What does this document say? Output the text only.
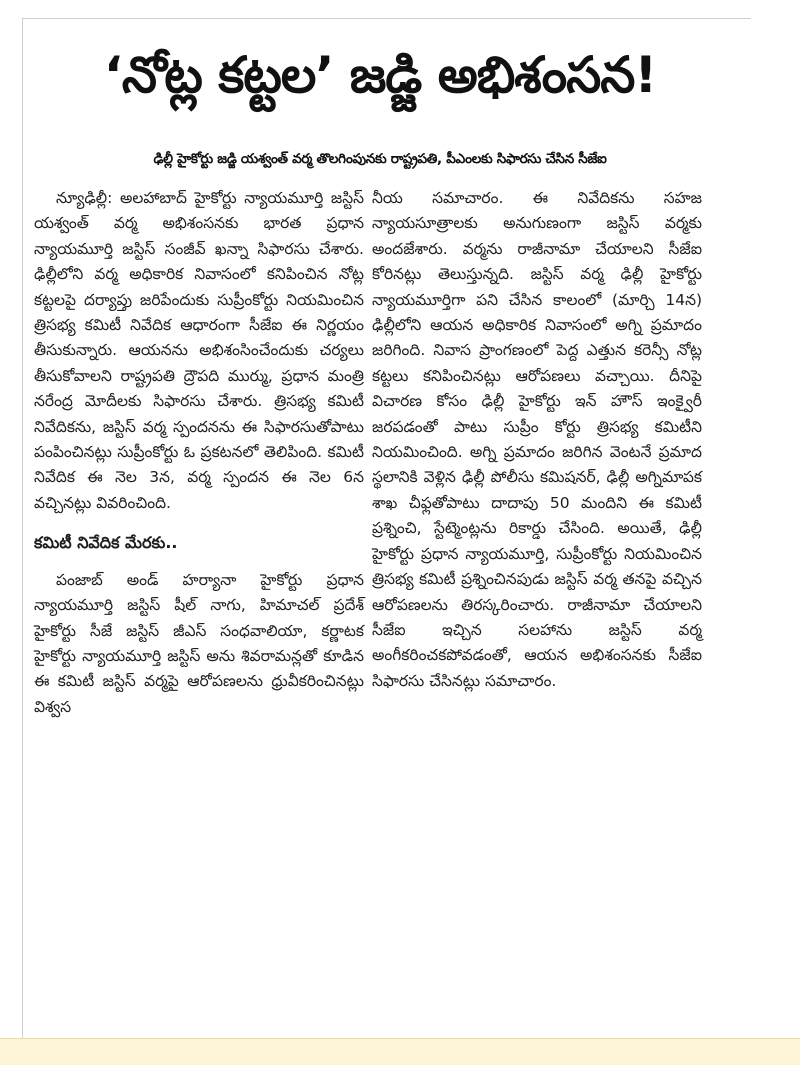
‘నోట్ల కట్టల’ జడ్జి అభిశంసన!
ఢిల్లీ హైకోర్టు జడ్జి యశ్వంత్ వర్మ తొలగింపునకు రాష్ట్రపతి, పీఎంలకు సిఫారసు చేసిన సీజేఐ

న్యూఢిల్లీ: అలహాబాద్ హైకోర్టు న్యాయమూర్తి జస్టిస్ యశ్వంత్ వర్మ అభిశంసనకు భారత ప్రధాన న్యాయమూర్తి జస్టిస్ సంజీవ్ ఖన్నా సిఫారసు చేశారు. ఢిల్లీలోని వర్మ అధికారిక నివాసంలో కనిపించిన నోట్ల కట్టలపై దర్యాప్తు జరిపేందుకు సుప్రీంకోర్టు నియమించిన త్రిసభ్య కమిటీ నివేదిక ఆధారంగా సీజేఐ ఈ నిర్ణయం తీసుకున్నారు. ఆయనను అభిశంసించేందుకు చర్యలు తీసుకోవాలని రాష్ట్రపతి ద్రౌపది ముర్ము, ప్రధాన మంత్రి నరేంద్ర మోదీలకు సిఫారసు చేశారు. త్రిసభ్య కమిటీ నివేదికను, జస్టిస్ వర్మ స్పందనను ఈ సిఫారసుతోపాటు పంపించినట్లు సుప్రీంకోర్టు ఓ ప్రకటనలో తెలిపింది. కమిటీ నివేదిక ఈ నెల 3న, వర్మ స్పందన ఈ నెల 6న వచ్చినట్లు వివరించింది.

కమిటీ నివేదిక మేరకు..

పంజాబ్ అండ్ హర్యానా హైకోర్టు ప్రధాన న్యాయమూర్తి జస్టిస్ షీల్ నాగు, హిమాచల్ ప్రదేశ్ హైకోర్టు సీజే జస్టిస్ జీఎస్ సంధవాలియా, కర్ణాటక హైకోర్టు న్యాయమూర్తి జస్టిస్ అను శివరామన్లతో కూడిన ఈ కమిటీ జస్టిస్ వర్మపై ఆరోపణలను ధ్రువీకరించినట్లు విశ్వస

నీయ సమాచారం. ఈ నివేదికను సహజ న్యాయసూత్రాలకు అనుగుణంగా జస్టిస్ వర్మకు అందజేశారు. వర్మను రాజీనామా చేయాలని సీజేఐ కోరినట్లు తెలుస్తున్నది. జస్టిస్ వర్మ ఢిల్లీ హైకోర్టు న్యాయమూర్తిగా పని చేసిన కాలంలో (మార్చి 14న) ఢిల్లీలోని ఆయన అధికారిక నివాసంలో అగ్ని ప్రమాదం జరిగింది. నివాస ప్రాంగణంలో పెద్ద ఎత్తున కరెన్సీ నోట్ల కట్టలు కనిపించినట్లు ఆరోపణలు వచ్చాయి. దీనిపై విచారణ కోసం ఢిల్లీ హైకోర్టు ఇన్ హౌస్ ఇంక్వైరీ జరపడంతో పాటు సుప్రీం కోర్టు త్రిసభ్య కమిటీని నియమించింది. అగ్ని ప్రమాదం జరిగిన వెంటనే ప్రమాద స్థలానికి వెళ్లిన ఢిల్లీ పోలీసు కమిషనర్, ఢిల్లీ అగ్నిమాపక శాఖ చీఫ్లతోపాటు దాదాపు 50 మందిని ఈ కమిటీ ప్రశ్నించి, స్టేట్మెంట్లను రికార్డు చేసింది. అయితే, ఢిల్లీ హైకోర్టు ప్రధాన న్యాయమూర్తి, సుప్రీంకోర్టు నియమించిన త్రిసభ్య కమిటీ ప్రశ్నించినపుడు జస్టిస్ వర్మ తనపై వచ్చిన ఆరోపణలను తిరస్కరించారు. రాజీనామా చేయాలని సీజేఐ ఇచ్చిన సలహాను జస్టిస్ వర్మ అంగీకరించకపోవడంతో, ఆయన అభిశంసనకు సీజేఐ సిఫారసు చేసినట్లు సమాచారం.
